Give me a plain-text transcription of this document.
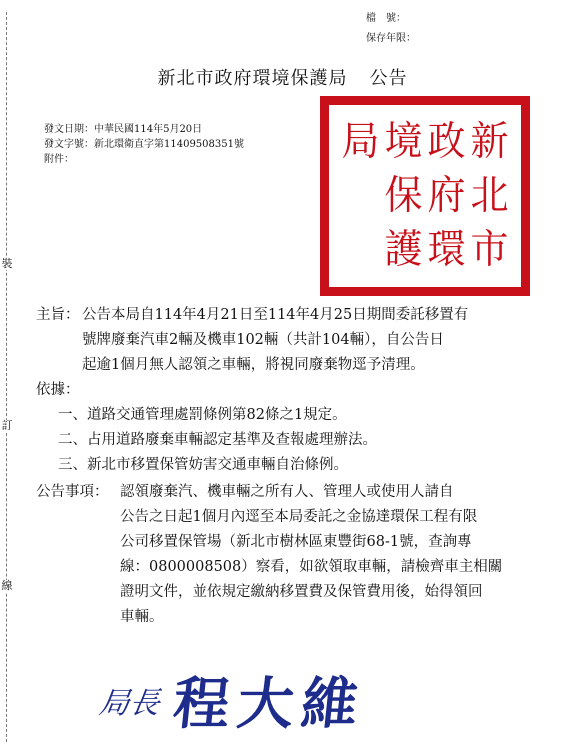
裝
訂
線
檔　號：
保存年限：
新北市政府環境保護局 公告
發文日期：中華民國114年5月20日
發文字號：新北環衛直字第11409508351號
附件：	新
北
市
政
府
環
境
保
護
局
主旨： 公告本局自114年4月21日至114年4月25日期間委託移置有
號牌廢棄汽車2輛及機車102輛（共計104輛），自公告日
起逾1個月無人認領之車輛，將視同廢棄物逕予清理。
依據：
一、道路交通管理處罰條例第82條之1規定。
二、占用道路廢棄車輛認定基準及查報處理辦法。
三、新北市移置保管妨害交通車輛自治條例。
公告事項： 認領廢棄汽、機車輛之所有人、管理人或使用人請自
公告之日起1個月內逕至本局委託之金協達環保工程有限
公司移置保管場（新北市樹林區東豐街68-1號，查詢專
線：0800008508）察看，如欲領取車輛，請檢齊車主相關
證明文件，並依規定繳納移置費及保管費用後，始得領回
車輛。
局長 程大維
